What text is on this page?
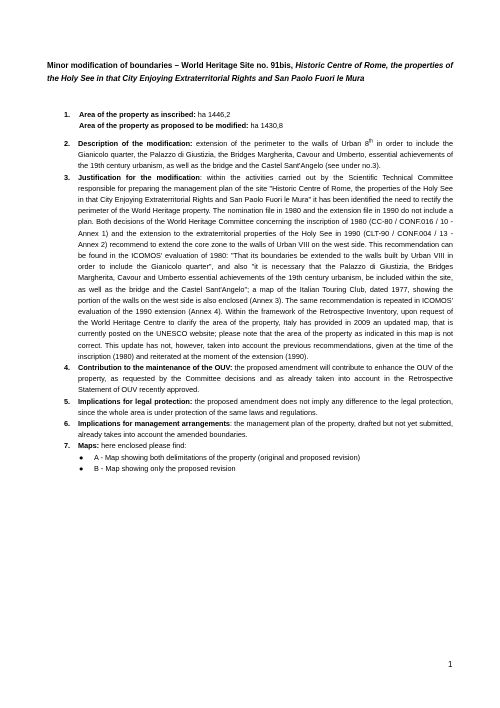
Minor modification of boundaries – World Heritage Site no. 91bis, Historic Centre of Rome, the properties of the Holy See in that City Enjoying Extraterritorial Rights and San Paolo Fuori le Mura
1. Area of the property as inscribed: ha 1446,2
Area of the property as proposed to be modified: ha 1430,8
2. Description of the modification: extension of the perimeter to the walls of Urban 8th in order to include the Gianicolo quarter, the Palazzo di Giustizia, the Bridges Margherita, Cavour and Umberto, essential achievements of the 19th century urbanism, as well as the bridge and the Castel Sant'Angelo (see under no.3).
3. Justification for the modification: within the activities carried out by the Scientific Technical Committee responsible for preparing the management plan of the site "Historic Centre of Rome, the properties of the Holy See in that City Enjoying Extraterritorial Rights and San Paolo Fuori le Mura" it has been identified the need to rectify the perimeter of the World Heritage property. The nomination file in 1980 and the extension file in 1990 do not include a plan. Both decisions of the World Heritage Committee concerning the inscription of 1980 (CC-80 / CONF.016 / 10 - Annex 1) and the extension to the extraterritorial properties of the Holy See in 1990 (CLT-90 / CONF.004 / 13 - Annex 2) recommend to extend the core zone to the walls of Urban VIII on the west side. This recommendation can be found in the ICOMOS' evaluation of 1980: "That its boundaries be extended to the walls built by Urban VIII in order to include the Gianicolo quarter", and also "it is necessary that the Palazzo di Giustizia, the Bridges Margherita, Cavour and Umberto essential achievements of the 19th century urbanism, be included within the site, as well as the bridge and the Castel Sant'Angelo"; a map of the Italian Touring Club, dated 1977, showing the portion of the walls on the west side is also enclosed (Annex 3). The same recommendation is repeated in ICOMOS' evaluation of the 1990 extension (Annex 4). Within the framework of the Retrospective Inventory, upon request of the World Heritage Centre to clarify the area of the property, Italy has provided in 2009 an updated map, that is currently posted on the UNESCO website; please note that the area of the property as indicated in this map is not correct. This update has not, however, taken into account the previous recommendations, given at the time of the inscription (1980) and reiterated at the moment of the extension (1990).
4. Contribution to the maintenance of the OUV: the proposed amendment will contribute to enhance the OUV of the property, as requested by the Committee decisions and as already taken into account in the Retrospective Statement of OUV recently approved.
5. Implications for legal protection: the proposed amendment does not imply any difference to the legal protection, since the whole area is under protection of the same laws and regulations.
6. Implications for management arrangements: the management plan of the property, drafted but not yet submitted, already takes into account the amended boundaries.
7. Maps: here enclosed please find:
● A - Map showing both delimitations of the property (original and proposed revision)
● B - Map showing only the proposed revision
1
